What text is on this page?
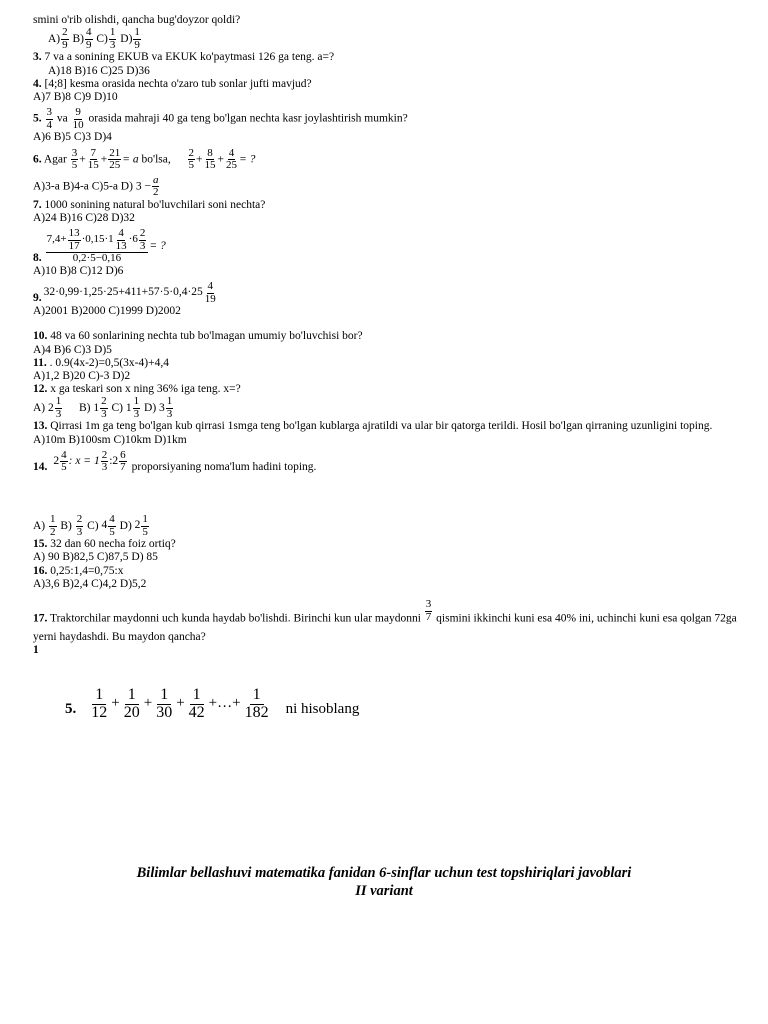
smini o'rib olishdi, qancha bug'doyzor qoldi?
$A) \frac{2}{9} B) \frac{4}{9} C) \frac{1}{3} D) \frac{1}{9}$
3. 7 va a sonining EKUB va EKUK ko'paytmasi 126 ga teng. a=?
A)18 B)16 C)25 D)36
4. [4;8] kesma orasida nechta o'zaro tub sonlar jufti mavjud?
A)7 B)8 C)9 D)10
5. $\frac{3}{4}$ va $\frac{9}{10}$ orasida mahraji 40 ga teng bo'lgan nechta kasr joylashtirish mumkin?
A)6 B)5 C)3 D)4
6. Agar $\frac{3}{5} + \frac{7}{15} + \frac{21}{25} = a$ bo'lsa, $\frac{2}{5} + \frac{8}{15} + \frac{4}{25}$ = ?
A)3-a B)4-a C)5-a D) $3 - \frac{a}{2}$
7. 1000 sonining natural bo'luvchilari soni nechta?
A)24 B)16 C)28 D)32
8.
$7,4+ \frac{13}{17} \cdot 0,15\cdot 1 \frac{4}{13} \cdot 6 \frac{2}{3}$
0,2·5−0,16
= ?
A)10 B)8 C)12 D)6
9. $32\cdot 0,99\cdot 1,25\cdot 25+411+57\cdot 5\cdot 0,4\cdot 25 \frac{4}{19}$
A)2001 B)2000 C)1999 D)2002
10. 48 va 60 sonlarining nechta tub bo'lmagan umumiy bo'luvchisi bor?
A)4 B)6 C)3 D)5
11. . 0.9(4x-2)=0,5(3x-4)+4,4
A)1,2 B)20 C)-3 D)2
12. x ga teskari son x ning 36% iga teng. x=?
A) $2 \frac{1}{3} B$) $1 \frac{2}{3} C$) $1 \frac{1}{3} D$) $3 \frac{1}{3}$
13. Qirrasi 1m ga teng bo'lgan kub qirrasi 1smga teng bo'lgan kublarga ajratildi va ular bir qatorga terildi. Hosil bo'lgan qirraning uzunligini toping.
A)10m B)100sm C)10km D)1km
14. $2 \frac{4}{5}$ : $x = 1 \frac{2}{3}$ :2 $\frac{6}{7}$ proporsiyaning noma'lum hadini toping.
$A) \frac{1}{2} B) \frac{2}{3} C$) $4 \frac{4}{5} D$) $2 \frac{1}{5}$
15. 32 dan 60 necha foiz ortiq?
A) 90 B)82,5 C)87,5 D) 85
16. 0,25:1,4=0,75:x
A)3,6 B)2,4 C)4,2 D)5,2
17. Traktorchilar maydonni uch kunda haydab bo'lishdi. Birinchi kun ular maydonni $\frac{3}{7}$ qismini ikkinchi kuni esa 40% ini, uchinchi kuni esa qolgan 72ga yerni haydashdi. Bu maydon qancha?
1
5. $\frac{1}{12} + \frac{1}{20} + \frac{1}{30} + \frac{1}{42}$ +…+ $\frac{1}{182}$ ni hisoblang
Bilimlar bellashuvi matematika fanidan 6-sinflar uchun test topshiriqlari javoblari
II variant
